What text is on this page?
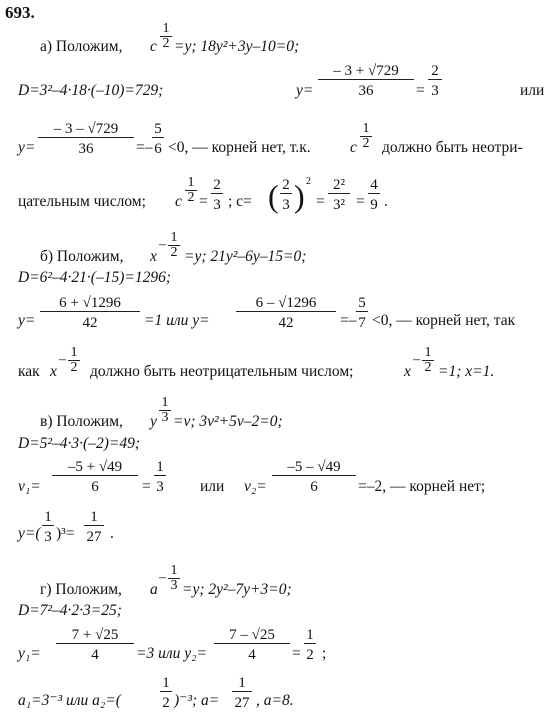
693.
а) Положим, c
1
2 =y; 18y²+3y–10=0;
D=3²–4·18·(–10)=729;	y=
– 3 + √729
36	=
2
3	или
y=
– 3 – √729
36	=–
5
6 <0, — корней нет, т.к.	c
1
2 должно быть неотри-
цательным числом; c
1
2 =
2
3 ; с= ( 2
3 ) 2
=
2²
3² =
4
9 .
б) Положим, x
– 1
2 =y; 21y²–6y–15=0;
D=6²–4·21·(–15)=1296;
y=
6 + √1296
42	=1 или y=
6 – √1296
42	=–
5
7 <0, — корней нет, так
как x
– 1
2 должно быть неотрицательным числом;	x
– 1
2 =1; x=1.
в) Положим, y
1
3 =v; 3v²+5v–2=0;
D=5²–4·3·(–2)=49;
v₁=
–5 + √49
6	=
1
3 или v₂=
–5 – √49
6	=–2, — корней нет;
y=(
1
3 )³=
1
27 .
г) Положим, a
– 1
3 =y; 2y²–7y+3=0;
D=7²–4·2·3=25;
y₁=
7 + √25
4	=3 или y₂=
7 – √25
4	=
1
2 ;
a₁=3⁻³ или a₂=(
1
2 )⁻³; a=
1
27 , a=8.
